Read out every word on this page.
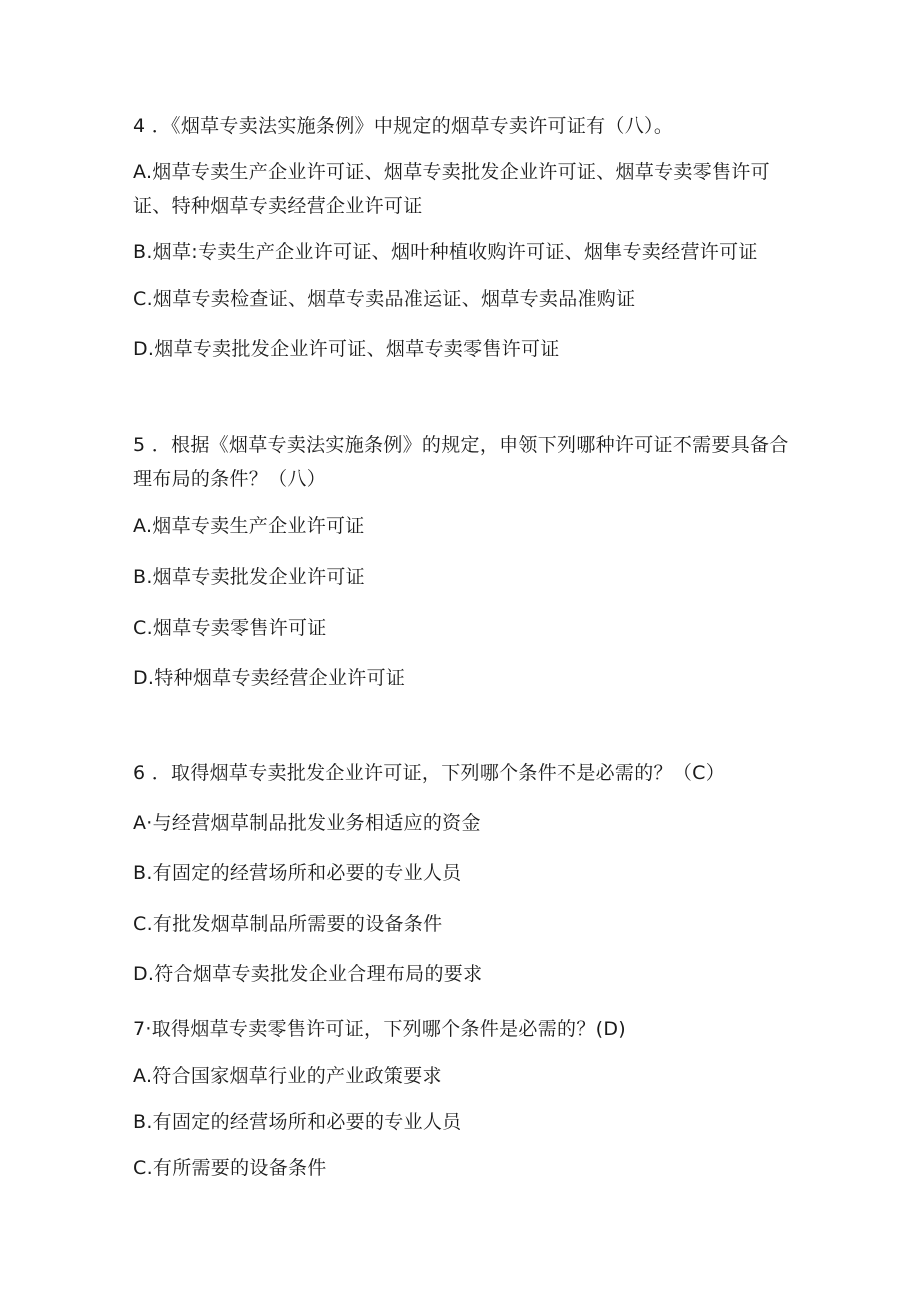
4 ．《烟草专卖法实施条例》中规定的烟草专卖许可证有（八）。
A.烟草专卖生产企业许可证、烟草专卖批发企业许可证、烟草专卖零售许可证、特种烟草专卖经营企业许可证
B.烟草:专卖生产企业许可证、烟叶种植收购许可证、烟隼专卖经营许可证
C.烟草专卖检查证、烟草专卖品准运证、烟草专卖品准购证
D.烟草专卖批发企业许可证、烟草专卖零售许可证
5 ．根据《烟草专卖法实施条例》的规定，申领下列哪种许可证不需要具备合理布局的条件？（八）
A.烟草专卖生产企业许可证
B.烟草专卖批发企业许可证
C.烟草专卖零售许可证
D.特种烟草专卖经营企业许可证
6 ．取得烟草专卖批发企业许可证，下列哪个条件不是必需的？（C）
A·与经营烟草制品批发业务相适应的资金
B.有固定的经营场所和必要的专业人员
C.有批发烟草制品所需要的设备条件
D.符合烟草专卖批发企业合理布局的要求
7·取得烟草专卖零售许可证，下列哪个条件是必需的？(D)
A.符合国家烟草行业的产业政策要求
B.有固定的经营场所和必要的专业人员
C.有所需要的设备条件
